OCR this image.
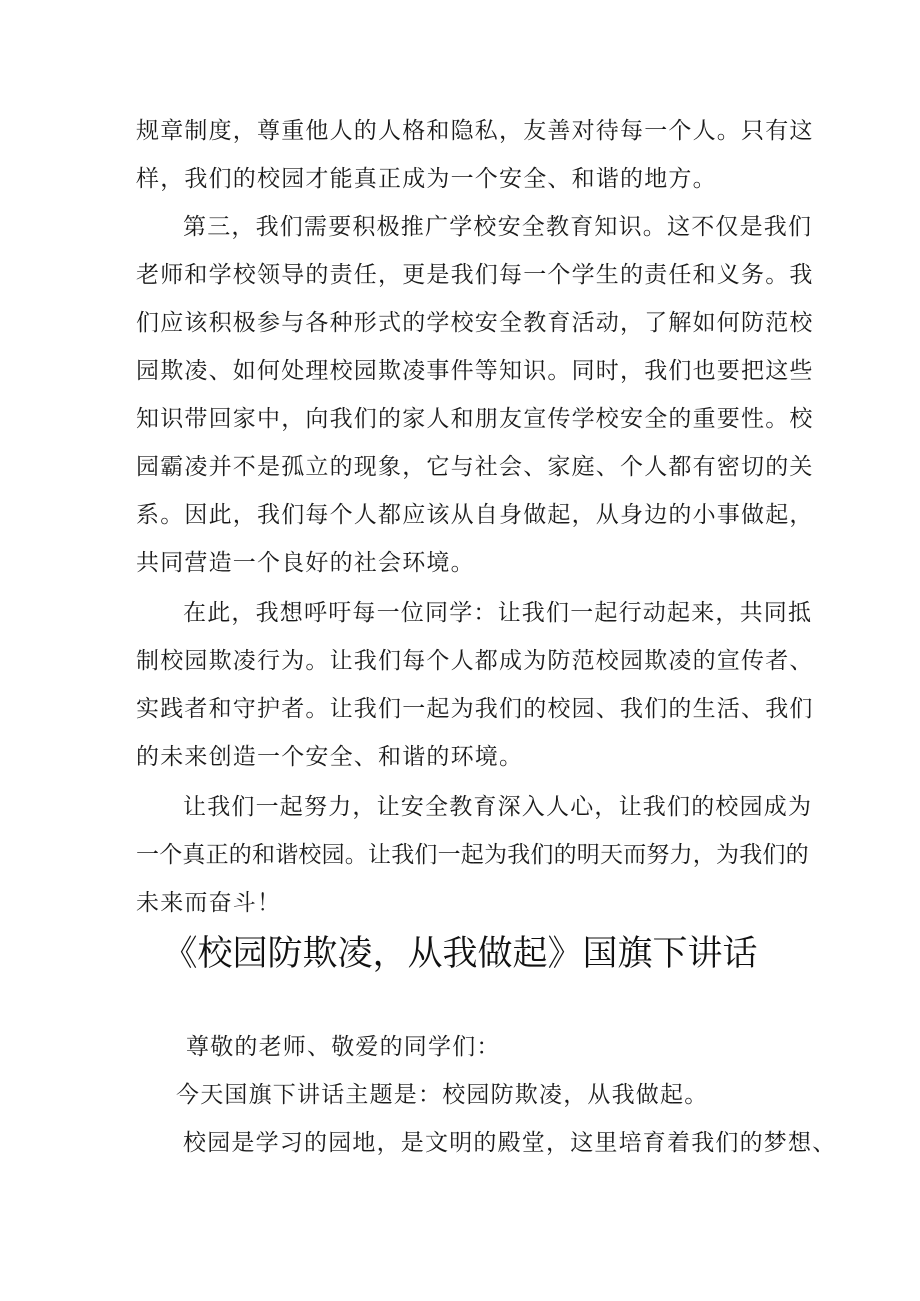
规章制度，尊重他人的人格和隐私，友善对待每一个人。只有这
样，我们的校园才能真正成为一个安全、和谐的地方。
第三，我们需要积极推广学校安全教育知识。这不仅是我们
老师和学校领导的责任，更是我们每一个学生的责任和义务。我
们应该积极参与各种形式的学校安全教育活动，了解如何防范校
园欺凌、如何处理校园欺凌事件等知识。同时，我们也要把这些
知识带回家中，向我们的家人和朋友宣传学校安全的重要性。校
园霸凌并不是孤立的现象，它与社会、家庭、个人都有密切的关
系。因此，我们每个人都应该从自身做起，从身边的小事做起，
共同营造一个良好的社会环境。
在此，我想呼吁每一位同学：让我们一起行动起来，共同抵
制校园欺凌行为。让我们每个人都成为防范校园欺凌的宣传者、
实践者和守护者。让我们一起为我们的校园、我们的生活、我们
的未来创造一个安全、和谐的环境。
让我们一起努力，让安全教育深入人心，让我们的校园成为
一个真正的和谐校园。让我们一起为我们的明天而努力，为我们的
未来而奋斗！
《校园防欺凌，从我做起》国旗下讲话
尊敬的老师、敬爱的同学们：
今天国旗下讲话主题是：校园防欺凌，从我做起。
校园是学习的园地，是文明的殿堂，这里培育着我们的梦想、
